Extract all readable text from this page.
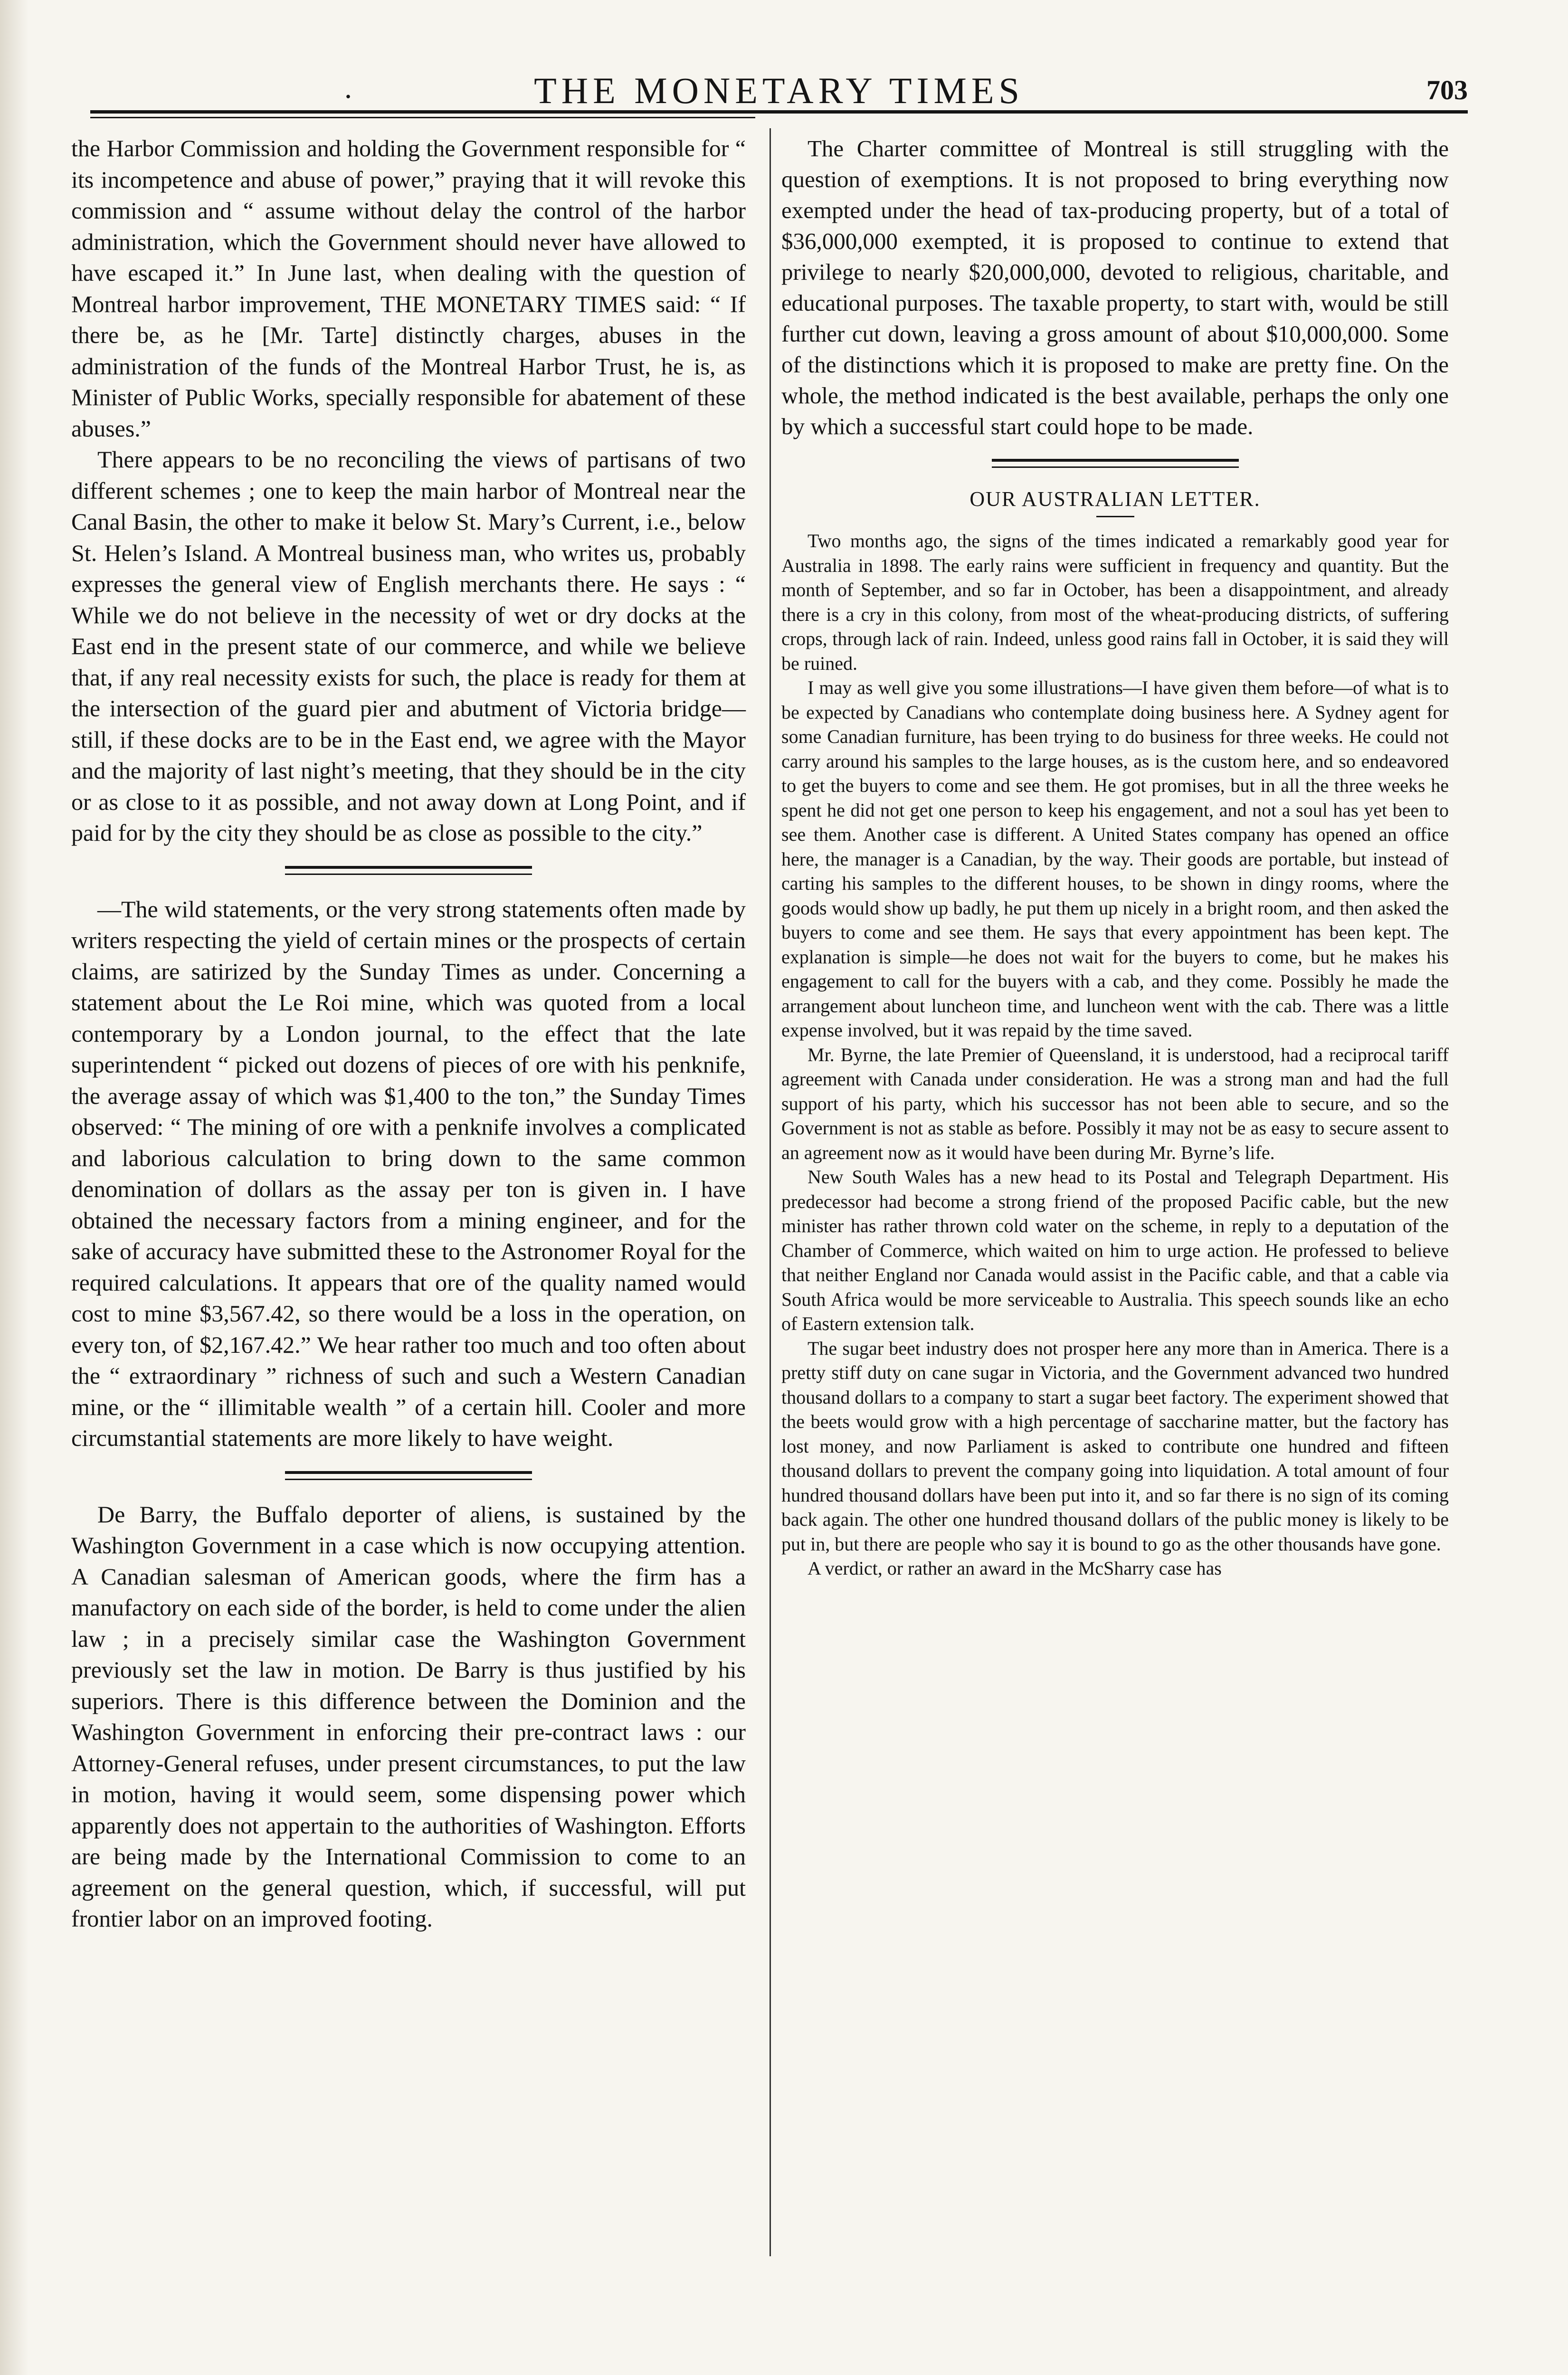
.	THE MONETARY TIMES	703

the Harbor Commission and holding the Government responsible for “ its incompetence and abuse of power,” praying that it will revoke this commission and “ assume without delay the control of the harbor administration, which the Government should never have allowed to have escaped it.” In June last, when dealing with the question of Montreal harbor improvement, THE MONETARY TIMES said: “ If there be, as he [Mr. Tarte] distinctly charges, abuses in the administration of the funds of the Montreal Harbor Trust, he is, as Minister of Public Works, specially responsible for abatement of these abuses.”

There appears to be no reconciling the views of partisans of two different schemes ; one to keep the main harbor of Montreal near the Canal Basin, the other to make it below St. Mary’s Current, i.e., below St. Helen’s Island. A Montreal business man, who writes us, probably expresses the general view of English merchants there. He says : “ While we do not believe in the necessity of wet or dry docks at the East end in the present state of our commerce, and while we believe that, if any real necessity exists for such, the place is ready for them at the intersection of the guard pier and abutment of Victoria bridge—still, if these docks are to be in the East end, we agree with the Mayor and the majority of last night’s meeting, that they should be in the city or as close to it as possible, and not away down at Long Point, and if paid for by the city they should be as close as possible to the city.”

—The wild statements, or the very strong statements often made by writers respecting the yield of certain mines or the prospects of certain claims, are satirized by the Sunday Times as under. Concerning a statement about the Le Roi mine, which was quoted from a local contemporary by a London journal, to the effect that the late superintendent “ picked out dozens of pieces of ore with his penknife, the average assay of which was $1,400 to the ton,” the Sunday Times observed: “ The mining of ore with a penknife involves a complicated and laborious calculation to bring down to the same common denomination of dollars as the assay per ton is given in. I have obtained the necessary factors from a mining engineer, and for the sake of accuracy have submitted these to the Astronomer Royal for the required calculations. It appears that ore of the quality named would cost to mine $3,567.42, so there would be a loss in the operation, on every ton, of $2,167.42.” We hear rather too much and too often about the “ extraordinary ” richness of such and such a Western Canadian mine, or the “ illimitable wealth ” of a certain hill. Cooler and more circumstantial statements are more likely to have weight.

De Barry, the Buffalo deporter of aliens, is sustained by the Washington Government in a case which is now occupying attention. A Canadian salesman of American goods, where the firm has a manufactory on each side of the border, is held to come under the alien law ; in a precisely similar case the Washington Government previously set the law in motion. De Barry is thus justified by his superiors. There is this difference between the Dominion and the Washington Government in enforcing their pre-contract laws : our Attorney-General refuses, under present circumstances, to put the law in motion, having it would seem, some dispensing power which apparently does not appertain to the authorities of Washington. Efforts are being made by the International Commission to come to an agreement on the general question, which, if successful, will put frontier labor on an improved footing.

The Charter committee of Montreal is still struggling with the question of exemptions. It is not proposed to bring everything now exempted under the head of tax-producing property, but of a total of $36,000,000 exempted, it is proposed to continue to extend that privilege to nearly $20,000,000, devoted to religious, charitable, and educational purposes. The taxable property, to start with, would be still further cut down, leaving a gross amount of about $10,000,000. Some of the distinctions which it is proposed to make are pretty fine. On the whole, the method indicated is the best available, perhaps the only one by which a successful start could hope to be made.

OUR AUSTRALIAN LETTER.

Two months ago, the signs of the times indicated a remarkably good year for Australia in 1898. The early rains were sufficient in frequency and quantity. But the month of September, and so far in October, has been a disappointment, and already there is a cry in this colony, from most of the wheat-producing districts, of suffering crops, through lack of rain. Indeed, unless good rains fall in October, it is said they will be ruined.

I may as well give you some illustrations—I have given them before—of what is to be expected by Canadians who contemplate doing business here. A Sydney agent for some Canadian furniture, has been trying to do business for three weeks. He could not carry around his samples to the large houses, as is the custom here, and so endeavored to get the buyers to come and see them. He got promises, but in all the three weeks he spent he did not get one person to keep his engagement, and not a soul has yet been to see them. Another case is different. A United States company has opened an office here, the manager is a Canadian, by the way. Their goods are portable, but instead of carting his samples to the different houses, to be shown in dingy rooms, where the goods would show up badly, he put them up nicely in a bright room, and then asked the buyers to come and see them. He says that every appointment has been kept. The explanation is simple—he does not wait for the buyers to come, but he makes his engagement to call for the buyers with a cab, and they come. Possibly he made the arrangement about luncheon time, and luncheon went with the cab. There was a little expense involved, but it was repaid by the time saved.

Mr. Byrne, the late Premier of Queensland, it is understood, had a reciprocal tariff agreement with Canada under consideration. He was a strong man and had the full support of his party, which his successor has not been able to secure, and so the Government is not as stable as before. Possibly it may not be as easy to secure assent to an agreement now as it would have been during Mr. Byrne’s life.

New South Wales has a new head to its Postal and Telegraph Department. His predecessor had become a strong friend of the proposed Pacific cable, but the new minister has rather thrown cold water on the scheme, in reply to a deputation of the Chamber of Commerce, which waited on him to urge action. He professed to believe that neither England nor Canada would assist in the Pacific cable, and that a cable via South Africa would be more serviceable to Australia. This speech sounds like an echo of Eastern extension talk.

The sugar beet industry does not prosper here any more than in America. There is a pretty stiff duty on cane sugar in Victoria, and the Government advanced two hundred thousand dollars to a company to start a sugar beet factory. The experiment showed that the beets would grow with a high percentage of saccharine matter, but the factory has lost money, and now Parliament is asked to contribute one hundred and fifteen thousand dollars to prevent the company going into liquidation. A total amount of four hundred thousand dollars have been put into it, and so far there is no sign of its coming back again. The other one hundred thousand dollars of the public money is likely to be put in, but there are people who say it is bound to go as the other thousands have gone.

A verdict, or rather an award in the McSharry case has
